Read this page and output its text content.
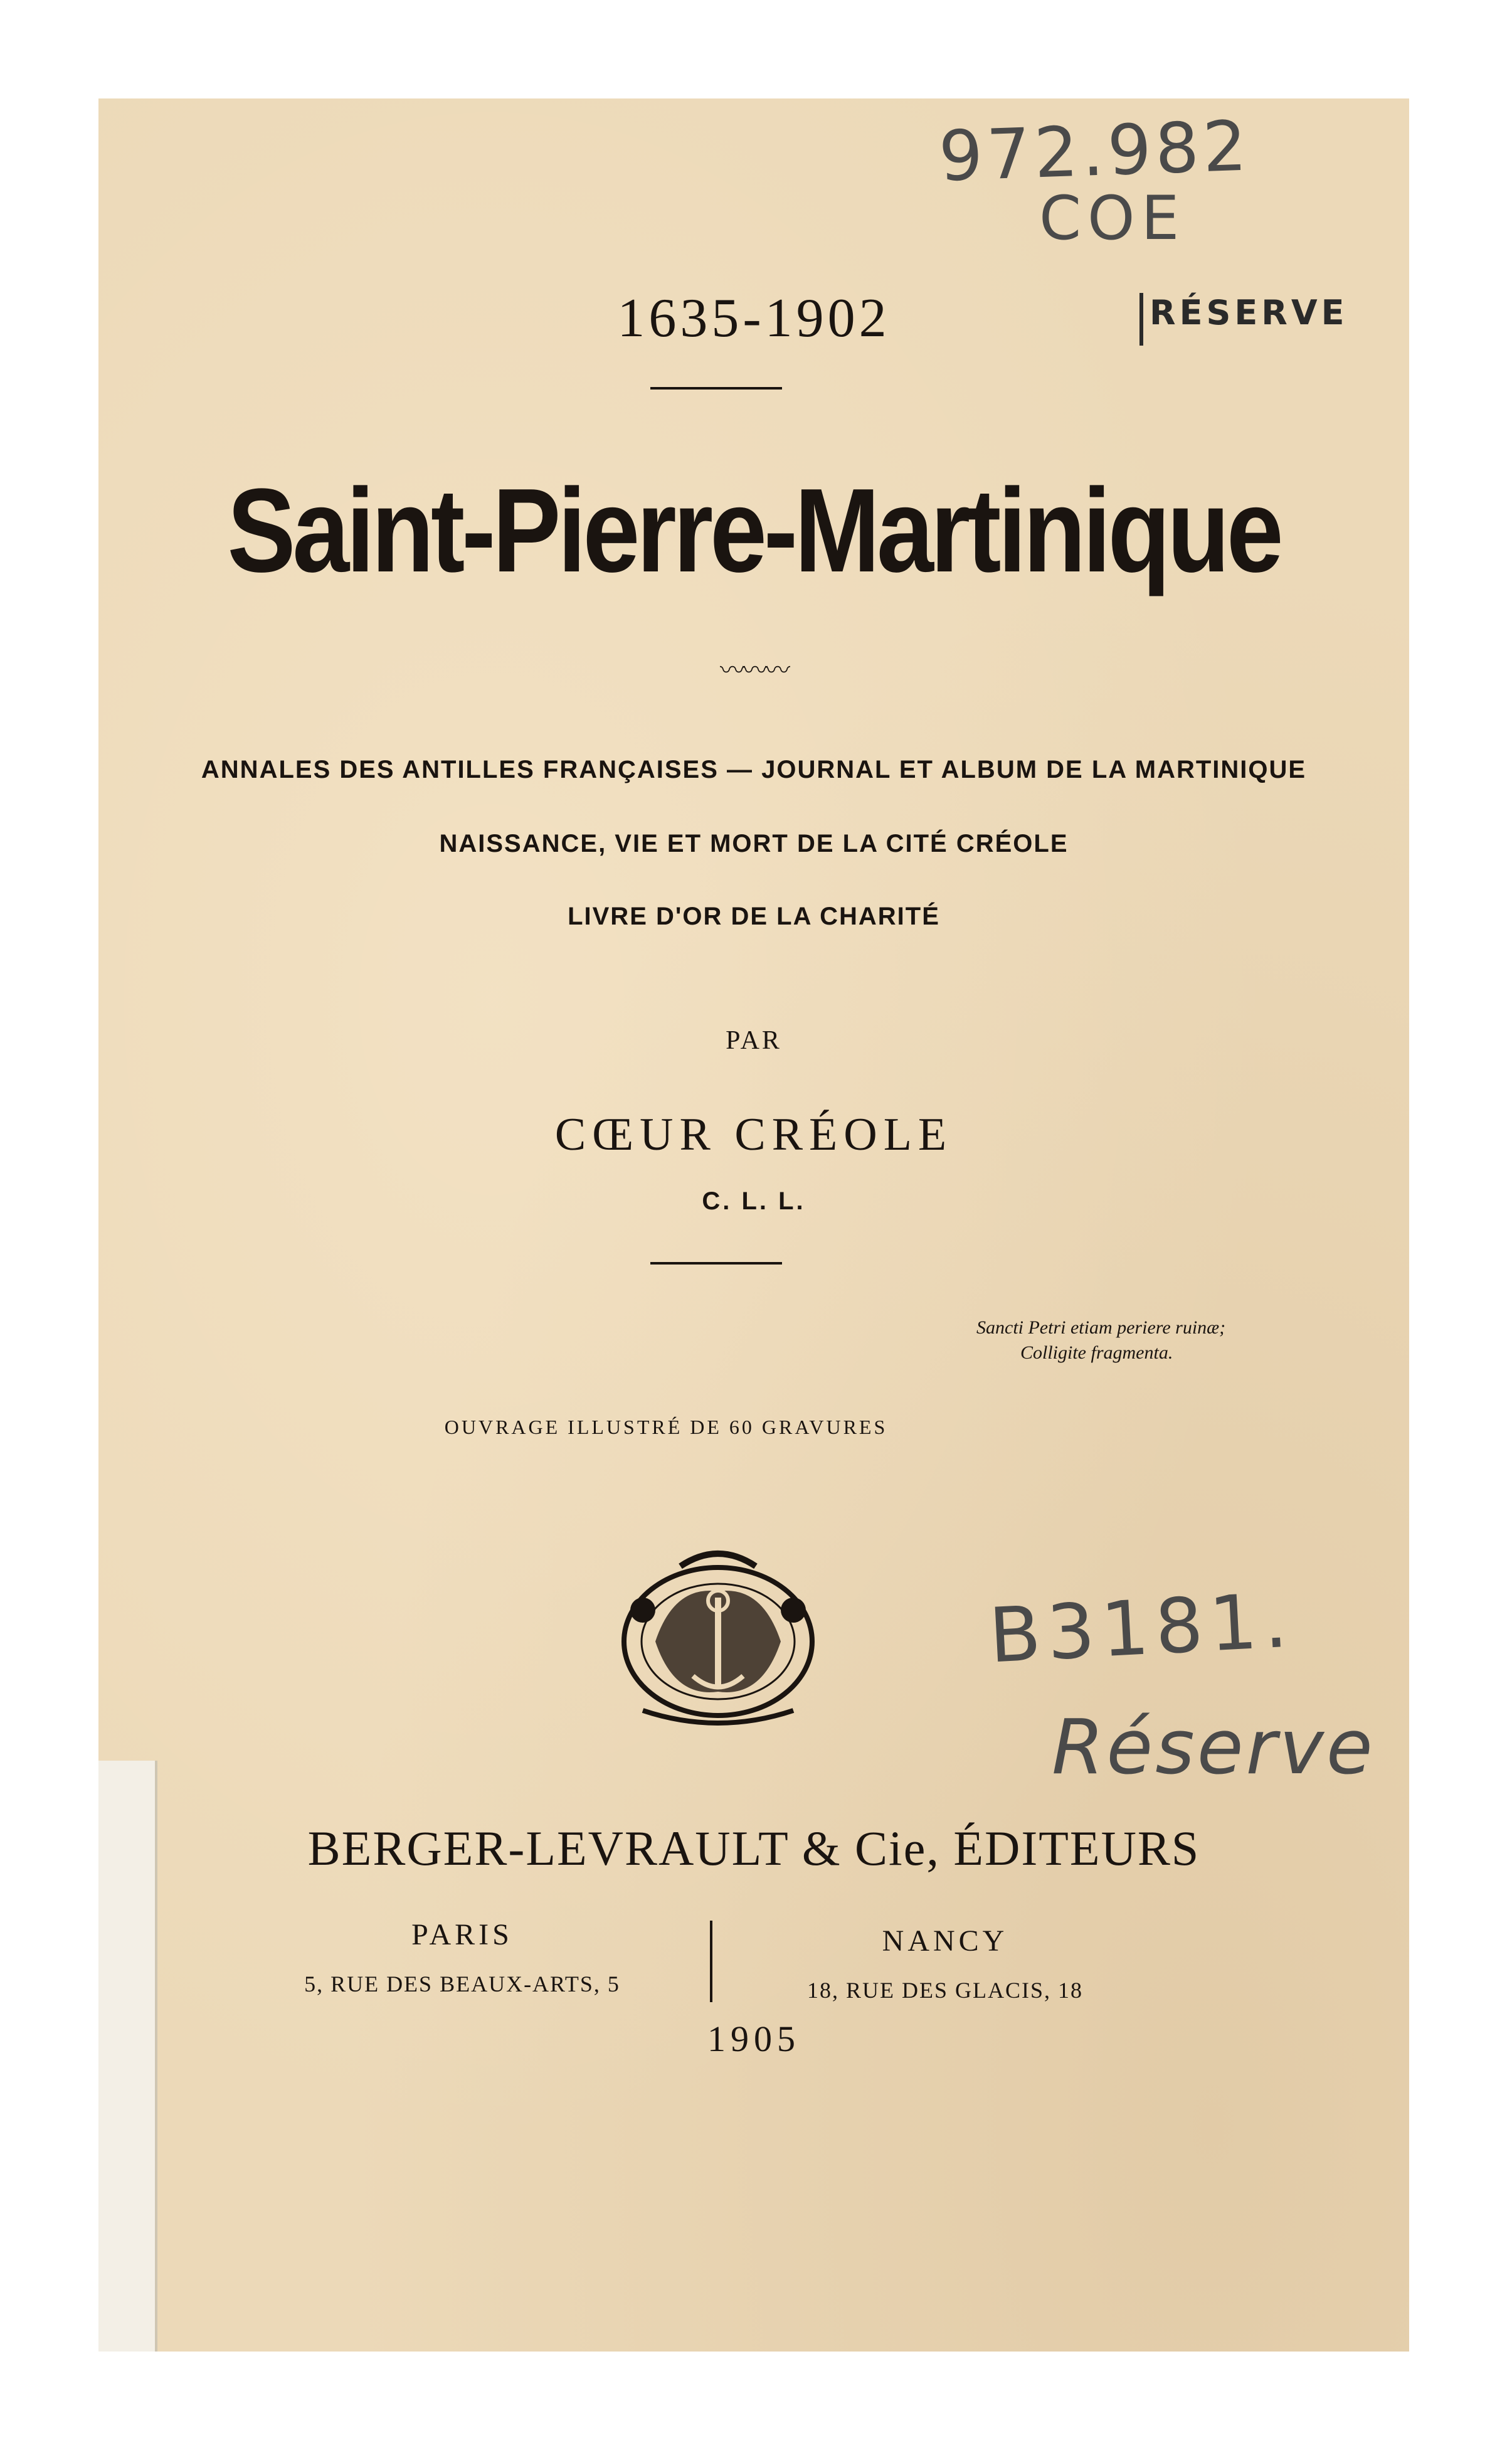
972.982
COE
RÉSERVE
1635-1902
Saint-Pierre-Martinique
〰〰〰
ANNALES DES ANTILLES FRANÇAISES — JOURNAL ET ALBUM DE LA MARTINIQUE
NAISSANCE, VIE ET MORT DE LA CITÉ CRÉOLE
LIVRE D'OR DE LA CHARITÉ
PAR
CŒUR CRÉOLE
C. L. L.
Sancti Petri etiam periere ruinæ;
Colligite fragmenta.
OUVRAGE ILLUSTRÉ DE 60 GRAVURES
B3181.
Réserve
BERGER-LEVRAULT & Cie, ÉDITEURS
PARIS
5, RUE DES BEAUX-ARTS, 5
NANCY
18, RUE DES GLACIS, 18
1905
